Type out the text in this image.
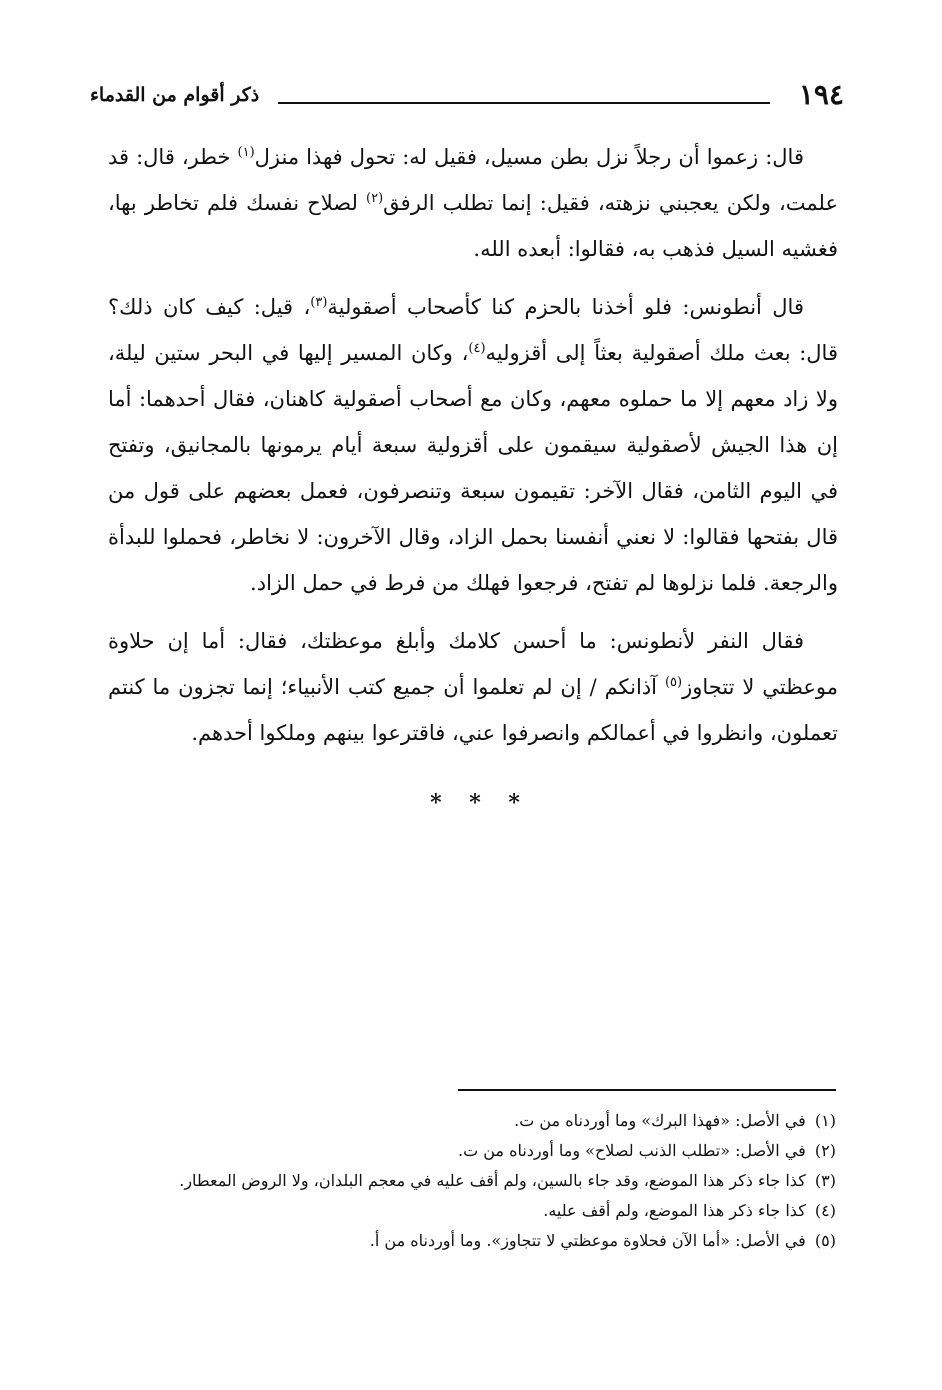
١٩٤
ذكر أقوام من القدماء

قال: زعموا أن رجلاً نزل بطن مسيل، فقيل له: تحول فهذا منزل$^{(١)}$ خطر، قال: قد علمت، ولكن يعجبني نزهته، فقيل: إنما تطلب الرفق$^{(٢)}$ لصلاح نفسك فلم تخاطر بها، فغشيه السيل فذهب به، فقالوا: أبعده الله.

قال أنطونس: فلو أخذنا بالحزم كنا كأصحاب أصقولية$^{(٣)}$، قيل: كيف كان ذلك؟ قال: بعث ملك أصقولية بعثاً إلى أقزوليه$^{(٤)}$، وكان المسير إليها في البحر ستين ليلة، ولا زاد معهم إلا ما حملوه معهم، وكان مع أصحاب أصقولية كاهنان، فقال أحدهما: أما إن هذا الجيش لأصقولية سيقمون على أقزولية سبعة أيام يرمونها بالمجانيق، وتفتح في اليوم الثامن، فقال الآخر: تقيمون سبعة وتنصرفون، فعمل بعضهم على قول من قال بفتحها فقالوا: لا نعني أنفسنا بحمل الزاد، وقال الآخرون: لا نخاطر، فحملوا للبدأة والرجعة. فلما نزلوها لم تفتح، فرجعوا فهلك من فرط في حمل الزاد.

فقال النفر لأنطونس: ما أحسن كلامك وأبلغ موعظتك، فقال: أما إن حلاوة موعظتي لا تتجاوز$^{(٥)}$ آذانكم / إن لم تعلموا أن جميع كتب الأنبياء؛ إنما تجزون ما كنتم تعملون، وانظروا في أعمالكم وانصرفوا عني، فاقترعوا بينهم وملكوا أحدهم.

* * *
(١) في الأصل: «فهذا البرك» وما أوردناه من ت.
(٢) في الأصل: «تطلب الذنب لصلاح» وما أوردناه من ت.
(٣) كذا جاء ذكر هذا الموضع، وقد جاء بالسين، ولم أقف عليه في معجم البلدان، ولا الروض المعطار.
(٤) كذا جاء ذكر هذا الموضع، ولم أقف عليه.
(٥) في الأصل: «أما الآن فحلاوة موعظتي لا تتجاوز». وما أوردناه من أ.
